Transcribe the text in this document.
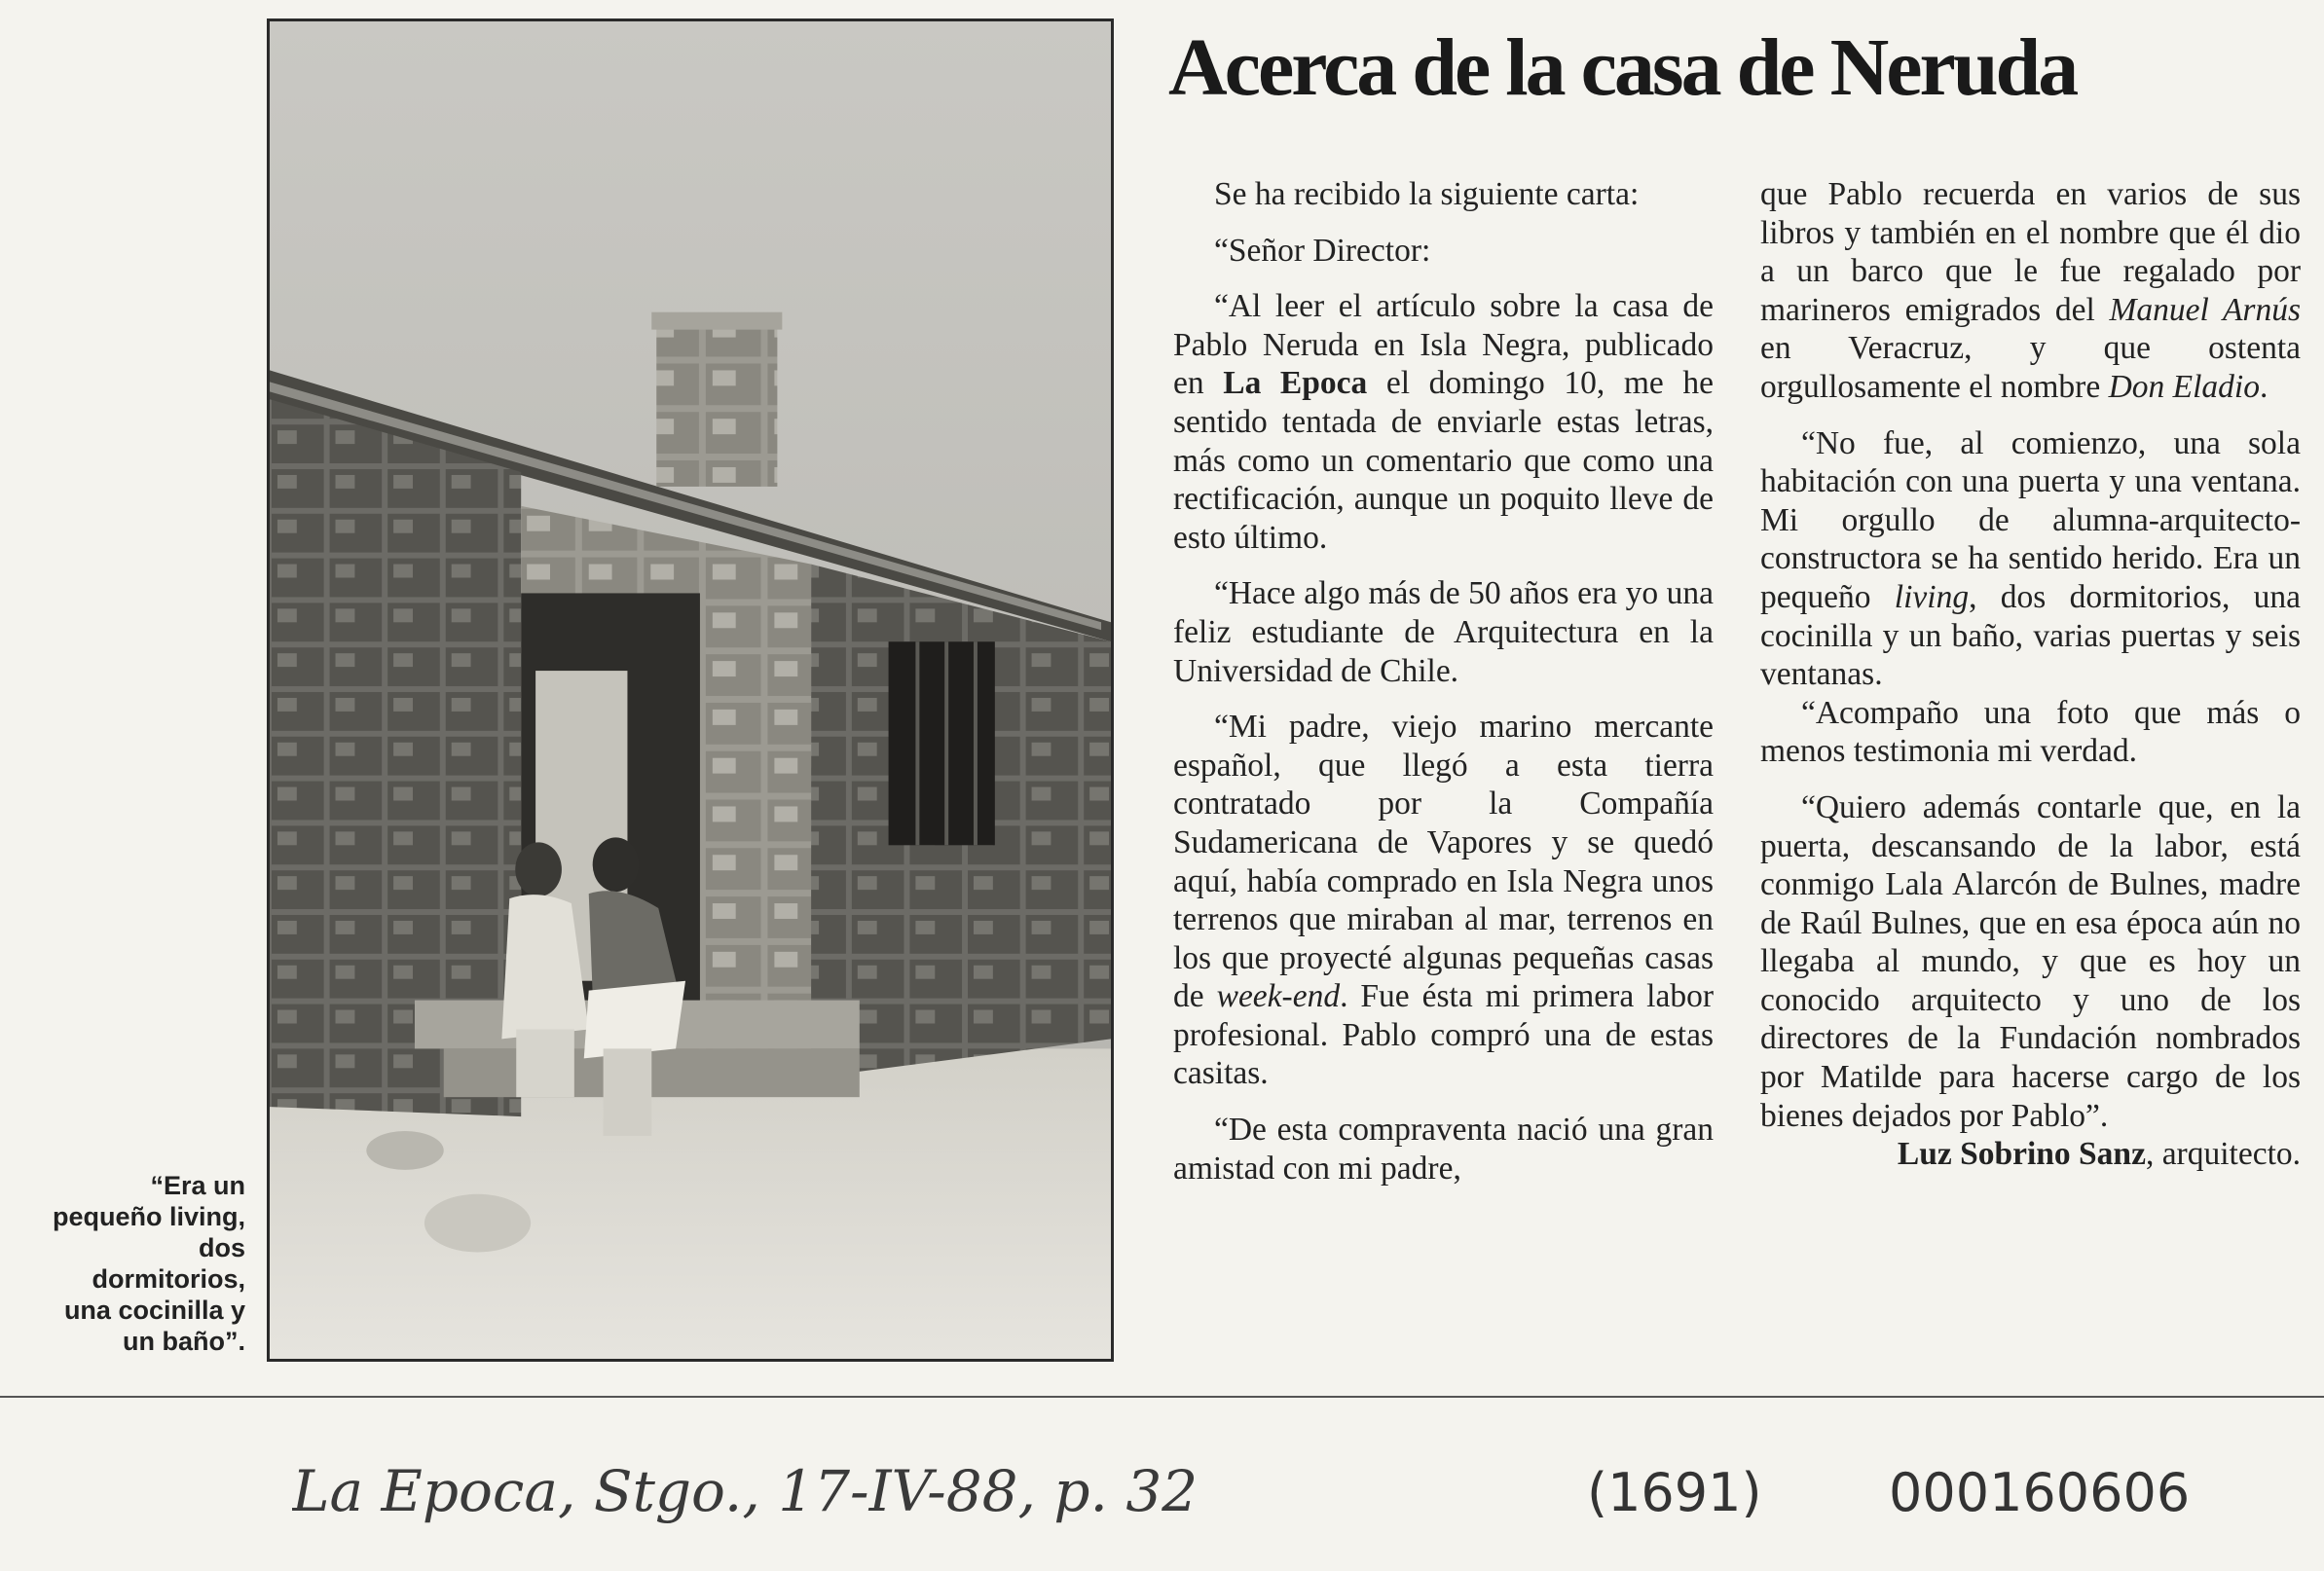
“Era un
pequeño living,
dos
dormitorios,
una cocinilla y
un baño”.
Acerca de la casa de Neruda

Se ha recibido la siguiente carta:

“Señor Director:

“Al leer el artículo sobre la casa de Pablo Neruda en Isla Negra, publicado en La Epoca el domingo 10, me he sentido tentada de enviarle estas letras, más como un comentario que como una rectificación, aunque un poquito lleve de esto último.

“Hace algo más de 50 años era yo una feliz estudiante de Arquitectura en la Universidad de Chile.

“Mi padre, viejo marino mercante español, que llegó a esta tierra contratado por la Compañía Sudamericana de Vapores y se quedó aquí, había comprado en Isla Negra unos terrenos que miraban al mar, terrenos en los que proyecté algunas pequeñas casas de week-end. Fue ésta mi primera labor profesional. Pablo compró una de estas casitas.

“De esta compraventa nació una gran amistad con mi padre,

que Pablo recuerda en varios de sus libros y también en el nombre que él dio a un barco que le fue regalado por marineros emigrados del Manuel Arnús en Veracruz, y que ostenta orgullosamente el nombre Don Eladio.

“No fue, al comienzo, una sola habitación con una puerta y una ventana. Mi orgullo de alumna-arquitecto-constructora se ha sentido herido. Era un pequeño living, dos dormitorios, una cocinilla y un baño, varias puertas y seis ventanas.

“Acompaño una foto que más o menos testimonia mi verdad.

“Quiero además contarle que, en la puerta, descansando de la labor, está conmigo Lala Alarcón de Bulnes, madre de Raúl Bulnes, que en esa época aún no llegaba al mundo, y que es hoy un conocido arquitecto y uno de los directores de la Fundación nombrados por Matilde para hacerse cargo de los bienes dejados por Pablo”.

Luz Sobrino Sanz, arquitecto.

La Epoca, Stgo., 17-IV-88, p. 32	(1691) 000160606
